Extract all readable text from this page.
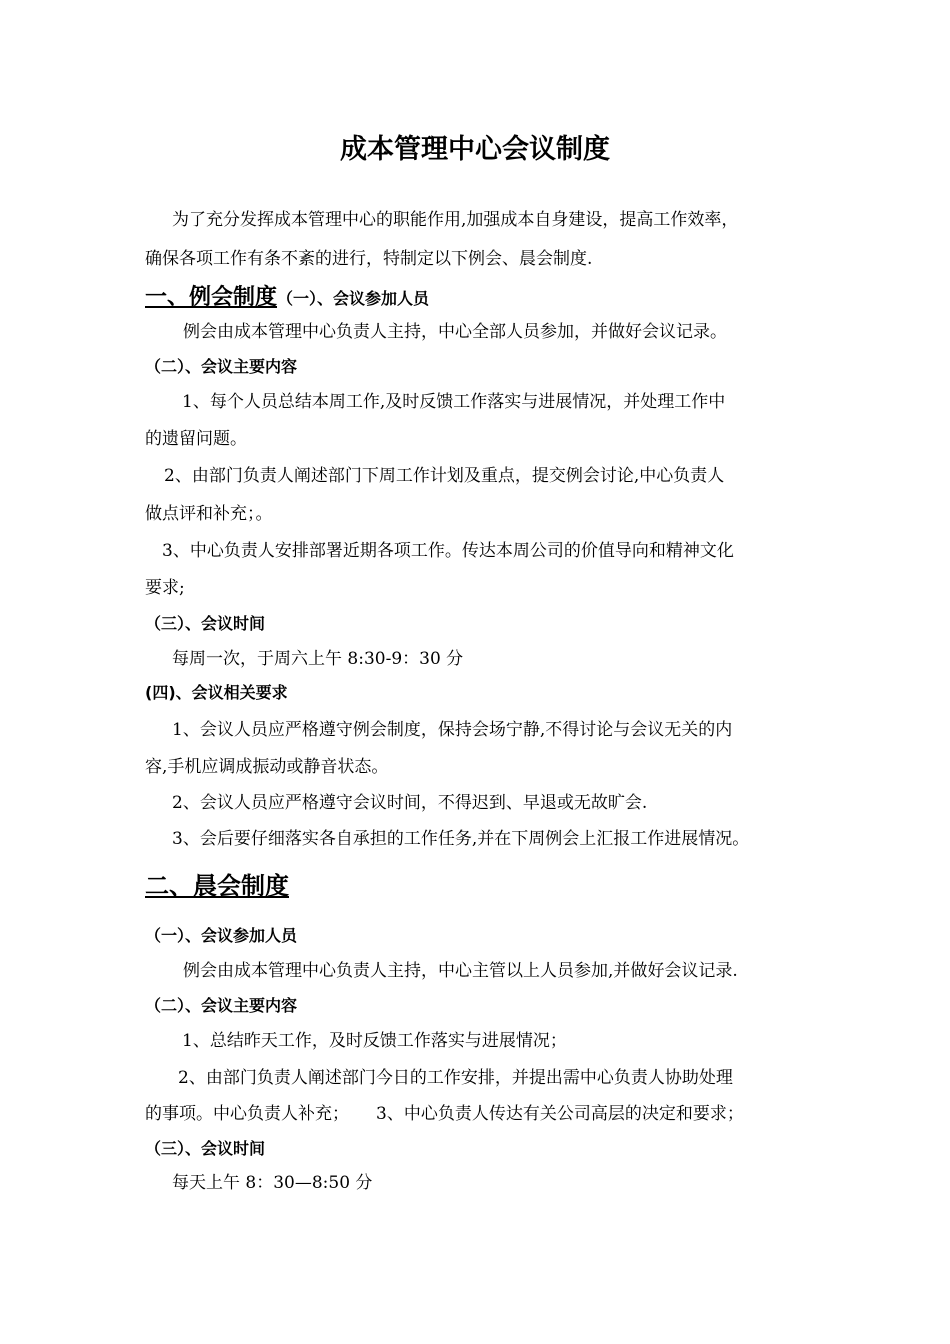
成本管理中心会议制度
为了充分发挥成本管理中心的职能作用,加强成本自身建设，提高工作效率，
确保各项工作有条不紊的进行，特制定以下例会、晨会制度.
一、例会制度（一）、会议参加人员
例会由成本管理中心负责人主持，中心全部人员参加，并做好会议记录。
（二）、会议主要内容
1、每个人员总结本周工作,及时反馈工作落实与进展情况，并处理工作中
的遗留问题。
2、由部门负责人阐述部门下周工作计划及重点，提交例会讨论,中心负责人
做点评和补充；。
3、中心负责人安排部署近期各项工作。传达本周公司的价值导向和精神文化
要求;
（三）、会议时间
每周一次，于周六上午 8:30-9：30 分
(四)、会议相关要求
1、会议人员应严格遵守例会制度，保持会场宁静,不得讨论与会议无关的内
容,手机应调成振动或静音状态。
2、会议人员应严格遵守会议时间，不得迟到、早退或无故旷会.
3、会后要仔细落实各自承担的工作任务,并在下周例会上汇报工作进展情况。
二、晨会制度
（一）、会议参加人员
例会由成本管理中心负责人主持，中心主管以上人员参加,并做好会议记录.
（二）、会议主要内容
1、总结昨天工作，及时反馈工作落实与进展情况；
2、由部门负责人阐述部门今日的工作安排，并提出需中心负责人协助处理
的事项。中心负责人补充；     3、中心负责人传达有关公司高层的决定和要求；
（三）、会议时间
每天上午 8：30—8:50 分
